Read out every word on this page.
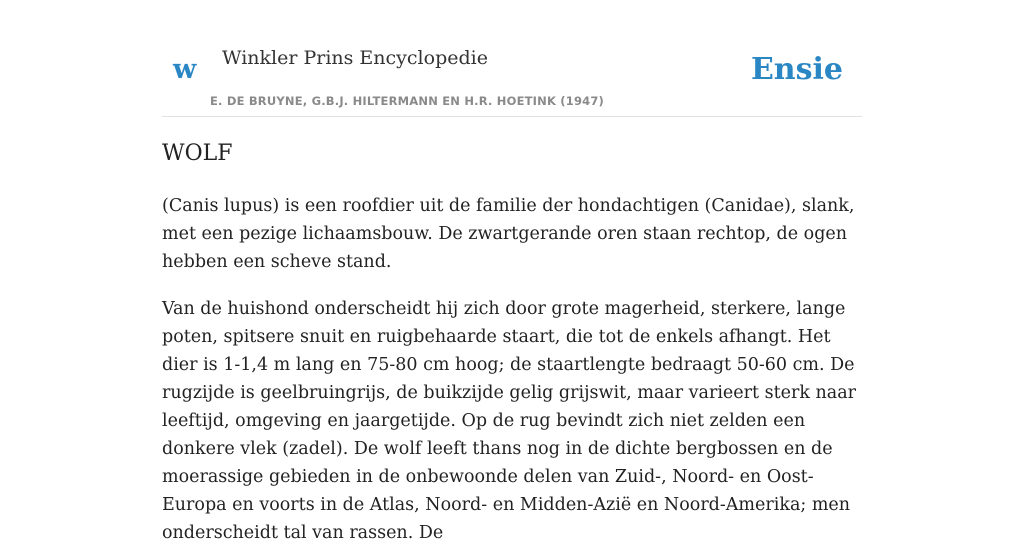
w Winkler Prins Encyclopedie
E. DE BRUYNE, G.B.J. HILTERMANN EN H.R. HOETINK (1947)
Ensie
WOLF

(Canis lupus) is een roofdier uit de familie der hondachtigen (Canidae), slank, met een pezige lichaamsbouw. De zwartgerande oren staan rechtop, de ogen hebben een scheve stand.

Van de huishond onderscheidt hij zich door grote magerheid, sterkere, lange poten, spitsere snuit en ruigbehaarde staart, die tot de enkels afhangt. Het dier is 1-1,4 m lang en 75-80 cm hoog; de staartlengte bedraagt 50-60 cm. De rugzijde is geelbruingrijs, de buikzijde gelig grijswit, maar varieert sterk naar leeftijd, omgeving en jaargetijde. Op de rug bevindt zich niet zelden een donkere vlek (zadel). De wolf leeft thans nog in de dichte bergbossen en de moerassige gebieden in de onbewoonde delen van Zuid-, Noord- en Oost-Europa en voorts in de Atlas, Noord- en Midden-Azië en Noord-Amerika; men onderscheidt tal van rassen. De
